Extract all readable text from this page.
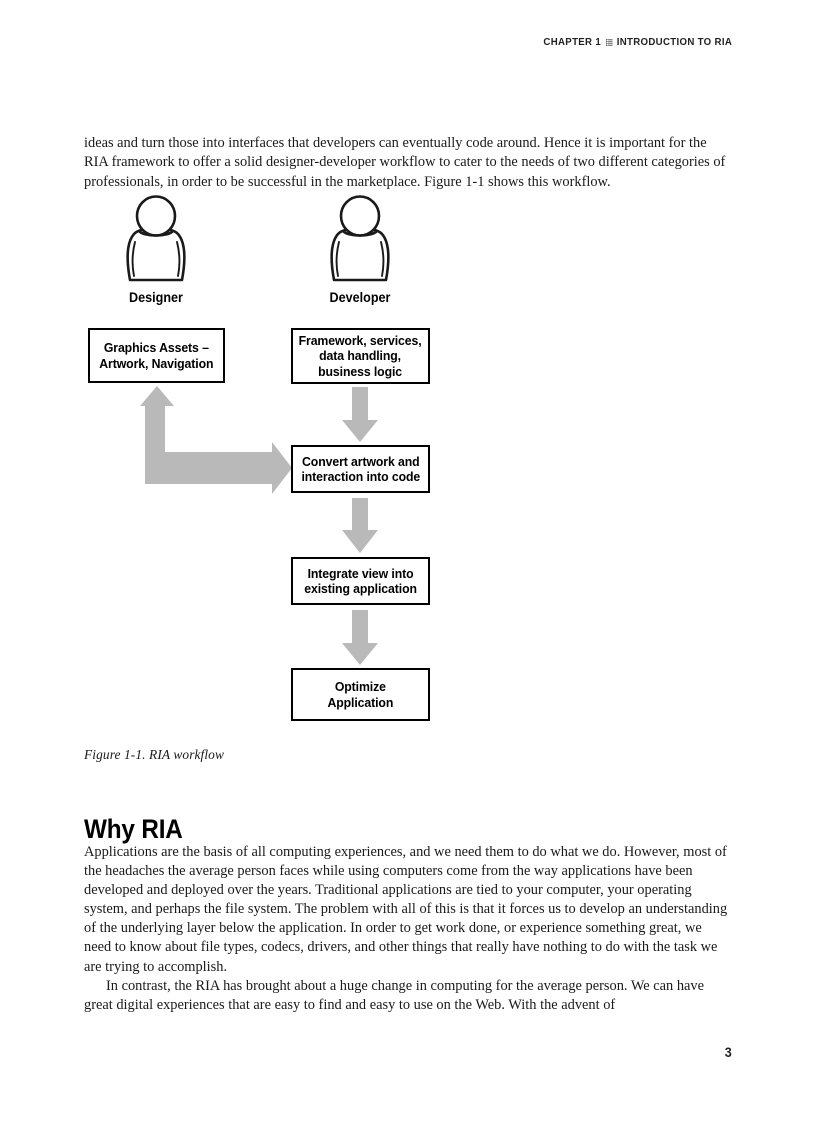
CHAPTER 1 INTRODUCTION TO RIA

ideas and turn those into interfaces that developers can eventually code around. Hence it is important for the RIA framework to offer a solid designer-developer workflow to cater to the needs of two different categories of professionals, in order to be successful in the marketplace. Figure 1-1 shows this workflow.

Designer	Developer
Graphics Assets –
Artwork, Navigation
Framework, services,
data handling,
business logic
Convert artwork and
interaction into code
Integrate view into
existing application
Optimize
Application
Figure 1-1. RIA workflow
Why RIA
Applications are the basis of all computing experiences, and we need them to do what we do. However, most of the headaches the average person faces while using computers come from the way applications have been developed and deployed over the years. Traditional applications are tied to your computer, your operating system, and perhaps the file system. The problem with all of this is that it forces us to develop an understanding of the underlying layer below the application. In order to get work done, or experience something great, we need to know about file types, codecs, drivers, and other things that really have nothing to do with the task we are trying to accomplish.
In contrast, the RIA has brought about a huge change in computing for the average person. We can have great digital experiences that are easy to find and easy to use on the Web. With the advent of
3
